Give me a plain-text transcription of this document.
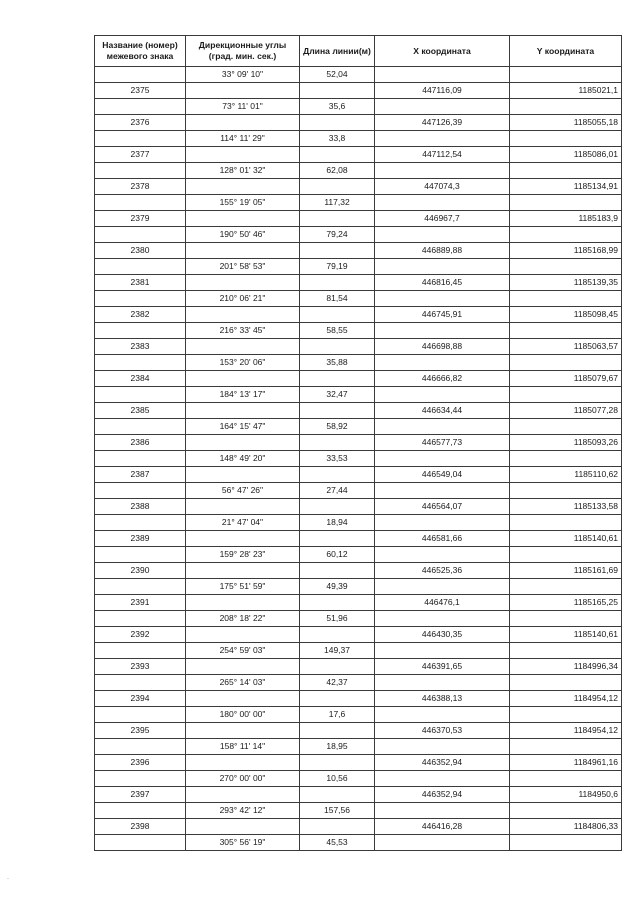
Название (номер) межевого знака	Дирекционные углы
(град. мин. сек.)	Длина линии(м)	X координата	Y координата
	33° 09' 10"	52,04		
2375			447116,09	1185021,1
	73° 11' 01"	35,6		
2376			447126,39	1185055,18
	114° 11' 29"	33,8		
2377			447112,54	1185086,01
	128° 01' 32"	62,08		
2378			447074,3	1185134,91
	155° 19' 05"	117,32		
2379			446967,7	1185183,9
	190° 50' 46"	79,24		
2380			446889,88	1185168,99
	201° 58' 53"	79,19		
2381			446816,45	1185139,35
	210° 06' 21"	81,54		
2382			446745,91	1185098,45
	216° 33' 45"	58,55		
2383			446698,88	1185063,57
	153° 20' 06"	35,88		
2384			446666,82	1185079,67
	184° 13' 17"	32,47		
2385			446634,44	1185077,28
	164° 15' 47"	58,92		
2386			446577,73	1185093,26
	148° 49' 20"	33,53		
2387			446549,04	1185110,62
	56° 47' 26"	27,44		
2388			446564,07	1185133,58
	21° 47' 04"	18,94		
2389			446581,66	1185140,61
	159° 28' 23"	60,12		
2390			446525,36	1185161,69
	175° 51' 59"	49,39		
2391			446476,1	1185165,25
	208° 18' 22"	51,96		
2392			446430,35	1185140,61
	254° 59' 03"	149,37		
2393			446391,65	1184996,34
	265° 14' 03"	42,37		
2394			446388,13	1184954,12
	180° 00' 00"	17,6		
2395			446370,53	1184954,12
	158° 11' 14"	18,95		
2396			446352,94	1184961,16
	270° 00' 00"	10,56		
2397			446352,94	1184950,6
	293° 42' 12"	157,56		
2398			446416,28	1184806,33
	305° 56' 19"	45,53		
·
